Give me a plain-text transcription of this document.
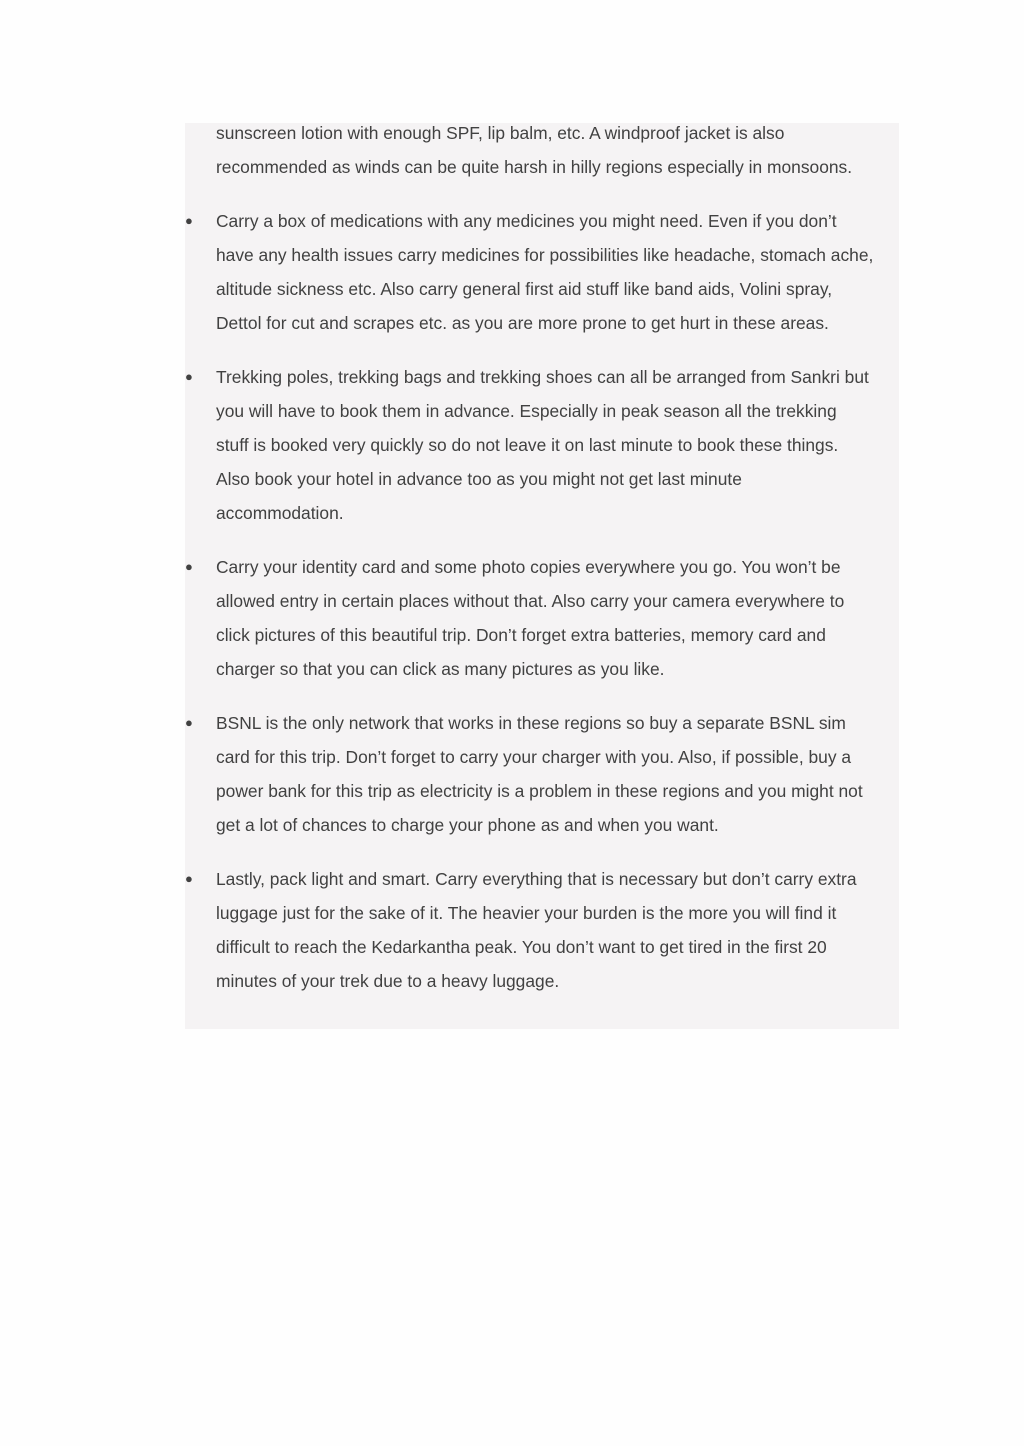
sunscreen lotion with enough SPF, lip balm, etc. A windproof jacket is also
recommended as winds can be quite harsh in hilly regions especially in monsoons.

●	Carry a box of medications with any medicines you might need. Even if you don’t
have any health issues carry medicines for possibilities like headache, stomach ache,
altitude sickness etc. Also carry general first aid stuff like band aids, Volini spray,
Dettol for cut and scrapes etc. as you are more prone to get hurt in these areas.
●	Trekking poles, trekking bags and trekking shoes can all be arranged from Sankri but
you will have to book them in advance. Especially in peak season all the trekking
stuff is booked very quickly so do not leave it on last minute to book these things.
Also book your hotel in advance too as you might not get last minute
accommodation.
●	Carry your identity card and some photo copies everywhere you go. You won’t be
allowed entry in certain places without that. Also carry your camera everywhere to
click pictures of this beautiful trip. Don’t forget extra batteries, memory card and
charger so that you can click as many pictures as you like.
●	BSNL is the only network that works in these regions so buy a separate BSNL sim
card for this trip. Don’t forget to carry your charger with you. Also, if possible, buy a
power bank for this trip as electricity is a problem in these regions and you might not
get a lot of chances to charge your phone as and when you want.
●	Lastly, pack light and smart. Carry everything that is necessary but don’t carry extra
luggage just for the sake of it. The heavier your burden is the more you will find it
difficult to reach the Kedarkantha peak. You don’t want to get tired in the first 20
minutes of your trek due to a heavy luggage.
